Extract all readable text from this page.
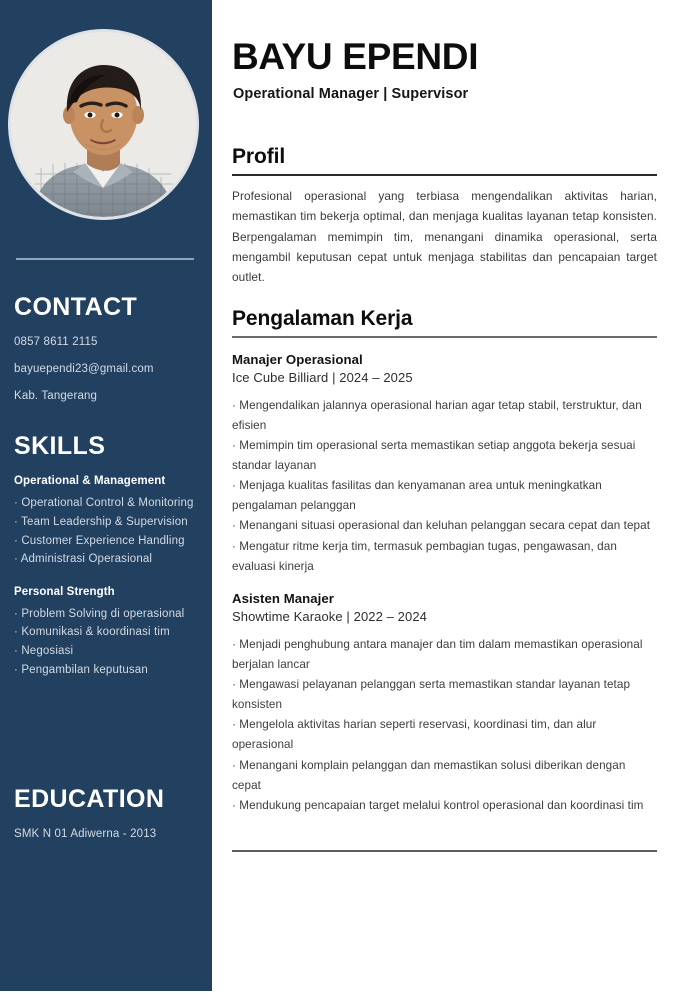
CONTACT
0857 8611 2115
bayuependi23@gmail.com
Kab. Tangerang
SKILLS
Operational & Management
· Operational Control & Monitoring
· Team Leadership & Supervision
· Customer Experience Handling
· Administrasi Operasional
Personal Strength
· Problem Solving di operasional
· Komunikasi & koordinasi tim
· Negosiasi
· Pengambilan keputusan
EDUCATION
SMK N 01 Adiwerna - 2013
BAYU EPENDI
Operational Manager | Supervisor
Profil

Profesional operasional yang terbiasa mengendalikan aktivitas harian, memastikan tim bekerja optimal, dan menjaga kualitas layanan tetap konsisten. Berpengalaman memimpin tim, menangani dinamika operasional, serta mengambil keputusan cepat untuk menjaga stabilitas dan pencapaian target outlet.

Pengalaman Kerja
Manajer Operasional
Ice Cube Billiard | 2024 – 2025
· Mengendalikan jalannya operasional harian agar tetap stabil, terstruktur, dan efisien
· Memimpin tim operasional serta memastikan setiap anggota bekerja sesuai standar layanan
· Menjaga kualitas fasilitas dan kenyamanan area untuk meningkatkan pengalaman pelanggan
· Menangani situasi operasional dan keluhan pelanggan secara cepat dan tepat
· Mengatur ritme kerja tim, termasuk pembagian tugas, pengawasan, dan evaluasi kinerja
Asisten Manajer
Showtime Karaoke | 2022 – 2024
· Menjadi penghubung antara manajer dan tim dalam memastikan operasional berjalan lancar
· Mengawasi pelayanan pelanggan serta memastikan standar layanan tetap konsisten
· Mengelola aktivitas harian seperti reservasi, koordinasi tim, dan alur operasional
· Menangani komplain pelanggan dan memastikan solusi diberikan dengan cepat
· Mendukung pencapaian target melalui kontrol operasional dan koordinasi tim
